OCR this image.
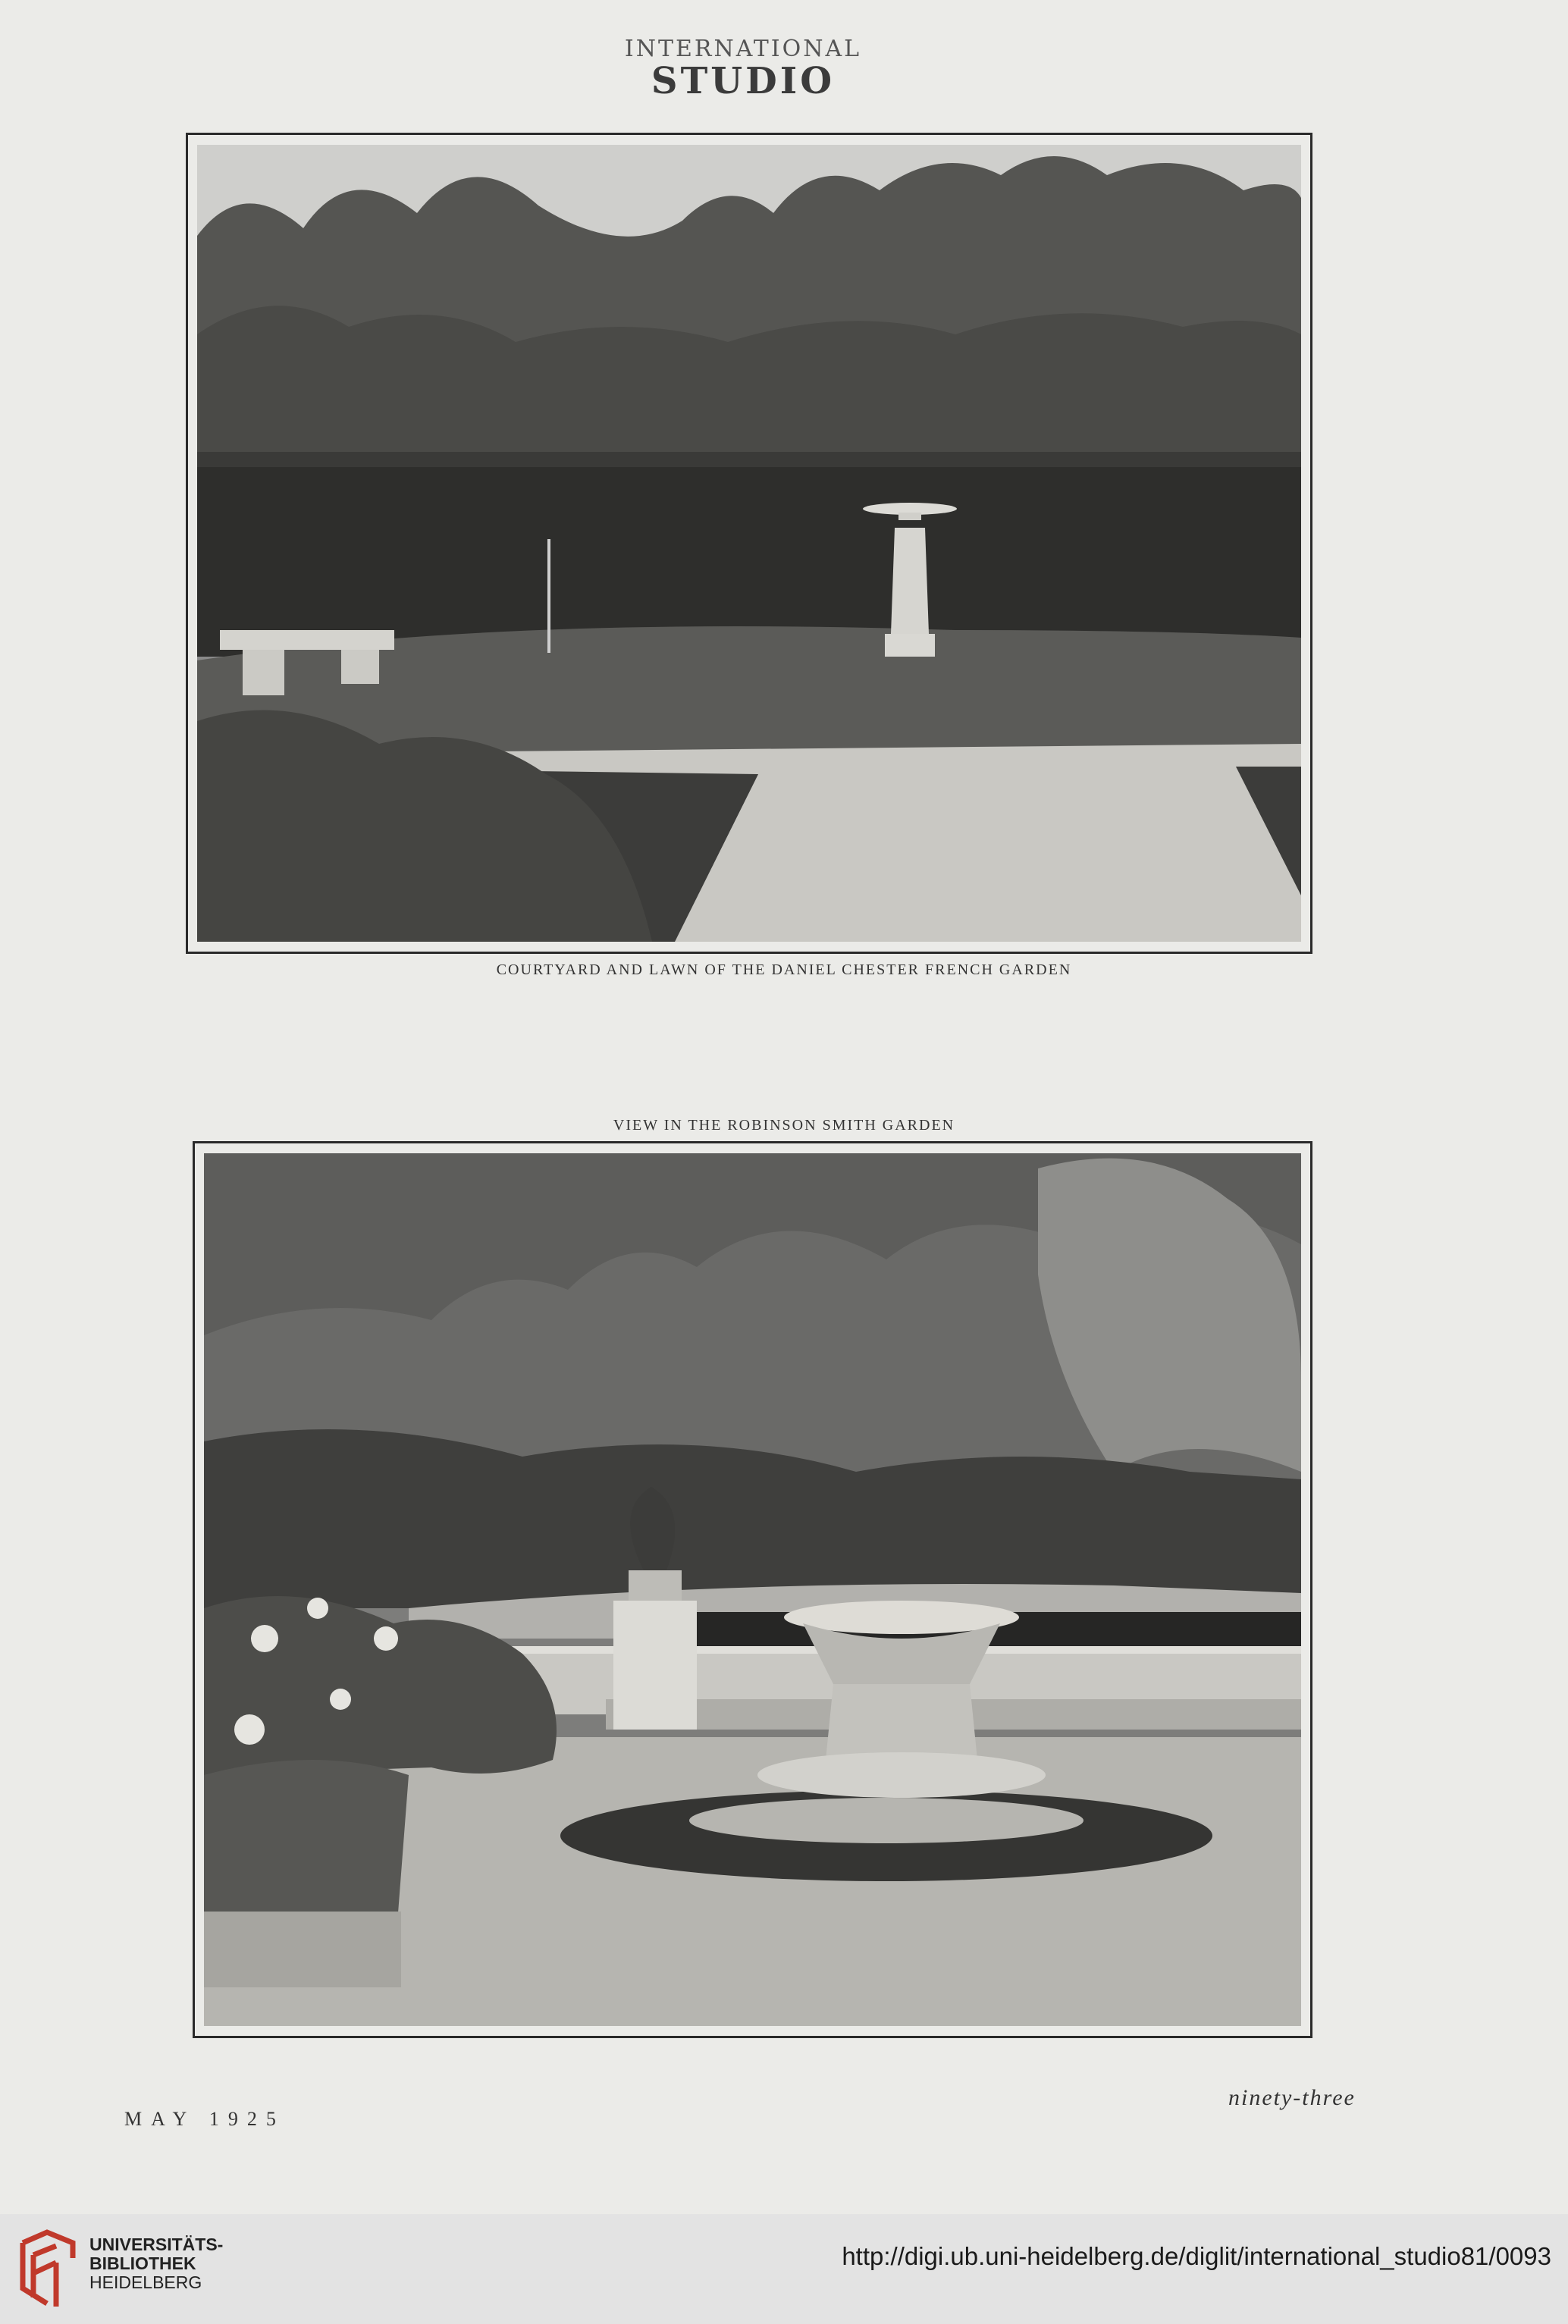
INTERNATIONAL
STUDIO
COURTYARD AND LAWN OF THE DANIEL CHESTER FRENCH GARDEN
VIEW IN THE ROBINSON SMITH GARDEN
MAY 1925
ninety-three
UNIVERSITÄTS-
BIBLIOTHEK
HEIDELBERG
http://digi.ub.uni-heidelberg.de/diglit/international_studio81/0093
